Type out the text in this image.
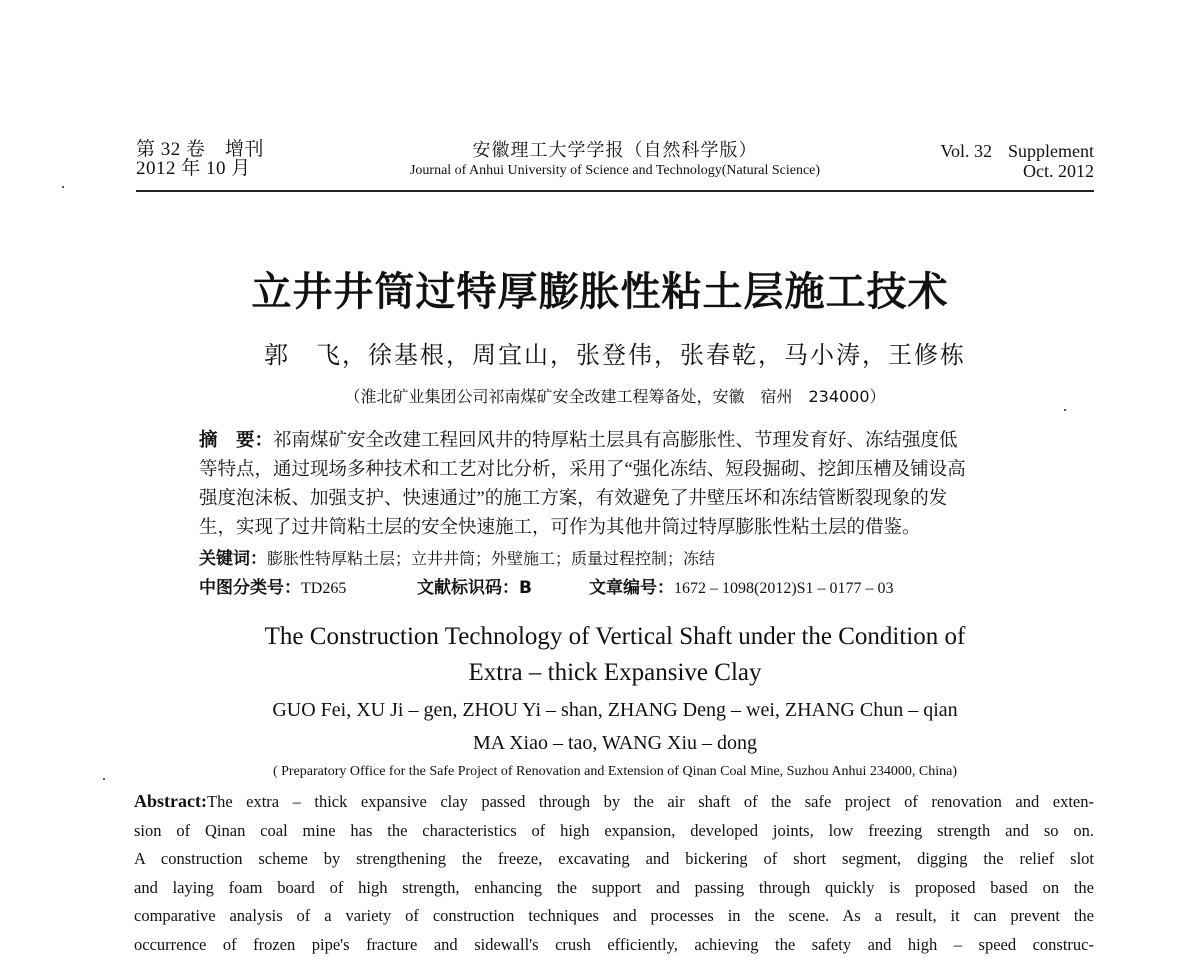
第 32 卷　增刊
2012 年 10 月
安徽理工大学学报（自然科学版）
Journal of Anhui University of Science and Technology(Natural Science)
Vol. 32 Supplement
Oct. 2012
立井井筒过特厚膨胀性粘土层施工技术
郭　飞，徐基根，周宜山，张登伟，张春乾，马小涛，王修栋
（淮北矿业集团公司祁南煤矿安全改建工程筹备处，安徽　宿州　234000）
摘　要：祁南煤矿安全改建工程回风井的特厚粘土层具有高膨胀性、节理发育好、冻结强度低
等特点，通过现场多种技术和工艺对比分析，采用了“强化冻结、短段掘砌、挖卸压槽及铺设高
强度泡沫板、加强支护、快速通过”的施工方案，有效避免了井壁压坏和冻结管断裂现象的发
生，实现了过井筒粘土层的安全快速施工，可作为其他井筒过特厚膨胀性粘土层的借鉴。
关键词：膨胀性特厚粘土层；立井井筒；外壁施工；质量过程控制；冻结
中图分类号：TD265	文献标识码：B	文章编号：1672 – 1098(2012)S1 – 0177 – 03
The Construction Technology of Vertical Shaft under the Condition of
Extra – thick Expansive Clay
GUO Fei, XU Ji – gen, ZHOU Yi – shan, ZHANG Deng – wei, ZHANG Chun – qian
MA Xiao – tao, WANG Xiu – dong
( Preparatory Office for the Safe Project of Renovation and Extension of Qinan Coal Mine, Suzhou Anhui 234000, China)
Abstract:The extra – thick expansive clay passed through by the air shaft of the safe project of renovation and exten-
sion of Qinan coal mine has the characteristics of high expansion, developed joints, low freezing strength and so on.
A construction scheme by strengthening the freeze, excavating and bickering of short segment, digging the relief slot
and laying foam board of high strength, enhancing the support and passing through quickly is proposed based on the
comparative analysis of a variety of construction techniques and processes in the scene. As a result, it can prevent the
occurrence of frozen pipe's fracture and sidewall's crush efficiently, achieving the safety and high – speed construc-
